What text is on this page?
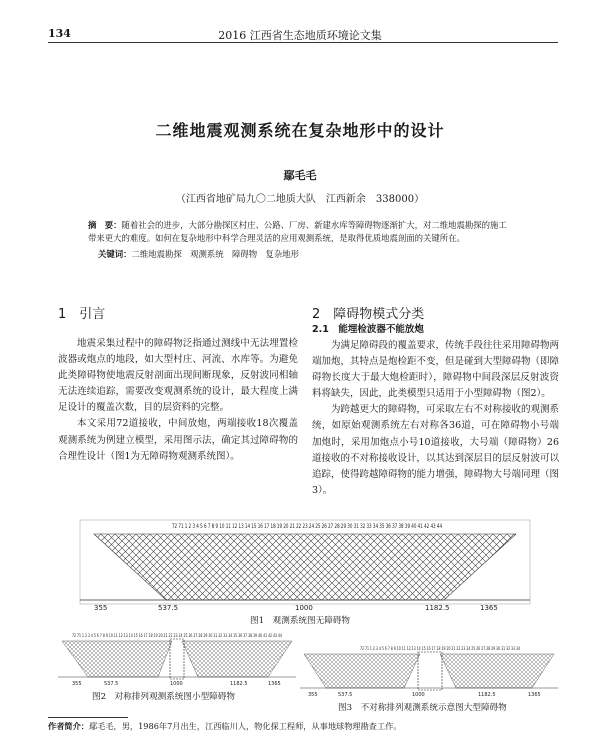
134	2016 江西省生态地质环境论文集
二维地震观测系统在复杂地形中的设计
鄢毛毛
（江西省地矿局九〇二地质大队　江西新余　338000）
摘　要：随着社会的进步，大部分勘探区村庄、公路、厂房、新建水库等障碍物逐渐扩大，对二维地震勘探的施工带来更大的难度。如何在复杂地形中科学合理灵活的应用观测系统，是取得优质地震剖面的关键所在。
关键词：二维地震勘探　观测系统　障碍物　复杂地形
1　引言

地震采集过程中的障碍物泛指通过测线中无法埋置检波器或炮点的地段，如大型村庄、河流、水库等。为避免此类障碍物使地震反射剖面出现间断现象，反射波同相轴无法连续追踪，需要改变观测系统的设计，最大程度上满足设计的覆盖次数，目的层资料的完整。

本文采用72道接收，中间放炮，两端接收18次覆盖观测系统为例建立模型，采用图示法，确定其过障碍物的合理性设计（图1为无障碍物观测系统图）。

2　障碍物模式分类
2.1　能埋检波器不能放炮

为满足障碍段的覆盖要求，传统手段往往采用障碍物两端加炮，其特点是炮检距不变，但是碰到大型障碍物（即障碍物长度大于最大炮检距时），障碍物中间段深层反射波资料将缺失，因此，此类模型只适用于小型障碍物（图2）。

为跨越更大的障碍物，可采取左右不对称接收的观测系统，如原始观测系统左右对称各36道，可在障碍物小号端加炮时，采用加炮点小号10道接收，大号端（障碍物）26道接收的不对称接收设计，以其达到深层目的层反射波可以追踪，使得跨越障碍物的能力增强，障碍物大号端同理（图3）。

72 71 1 2 3 4 5 6 7 8 9 10 11 12 13 14 15 16 17 18 19 20 21 22 23 24 25 26 27 28 29 30 31 32 33 34 35 36 37 38 39 40 41 42 43 44
355	537.5	1000	1182.5	1365
图1　观测系统图无障碍物
72 71 1 2 3 4 5 6 7 8 9 10 11 12 13 14 15 16 17 18 19 20 21 22 23 24 25 26 27 28 29 30 31 32 33 34 35 36 37 38 39 40 41 42 43 44
355	537.5	1000	1182.5	1365
图2　对称排列观测系统图小型障碍物
72 71 1 2 3 4 5 6 7 8 9 10 11 12 13 14 15 16 17 18 19 20 21 22 23 24 25 26 27 28 29 30 31 32 33 34
355	537.5	1000	1182.5	1365
图3　不对称排列观测系统示意图大型障碍物
作者简介：鄢毛毛，男，1986年7月出生，江西临川人，物化探工程师，从事地球物理勘查工作。
